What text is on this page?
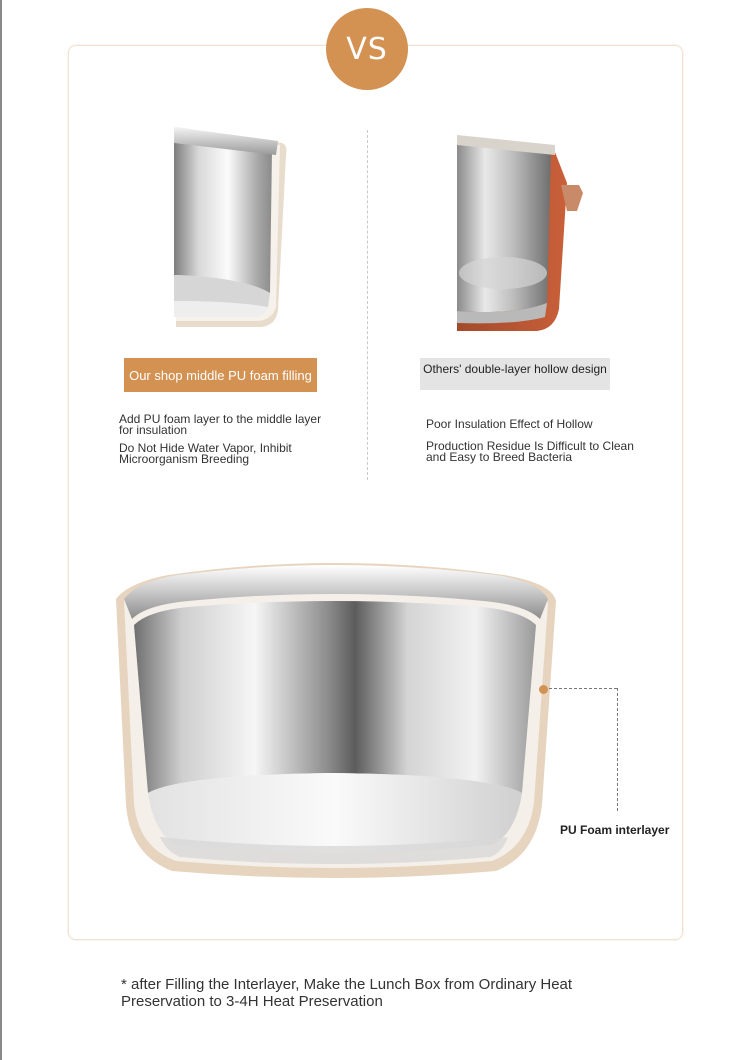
VS
Our shop middle PU foam filling	Others' double-layer hollow design
Add PU foam layer to the middle layer
for insulation
Do Not Hide Water Vapor, Inhibit
Microorganism Breeding
Poor Insulation Effect of Hollow
Production Residue Is Difficult to Clean
and Easy to Breed Bacteria
PU Foam interlayer
* after Filling the Interlayer, Make the Lunch Box from Ordinary Heat
Preservation to 3-4H Heat Preservation
